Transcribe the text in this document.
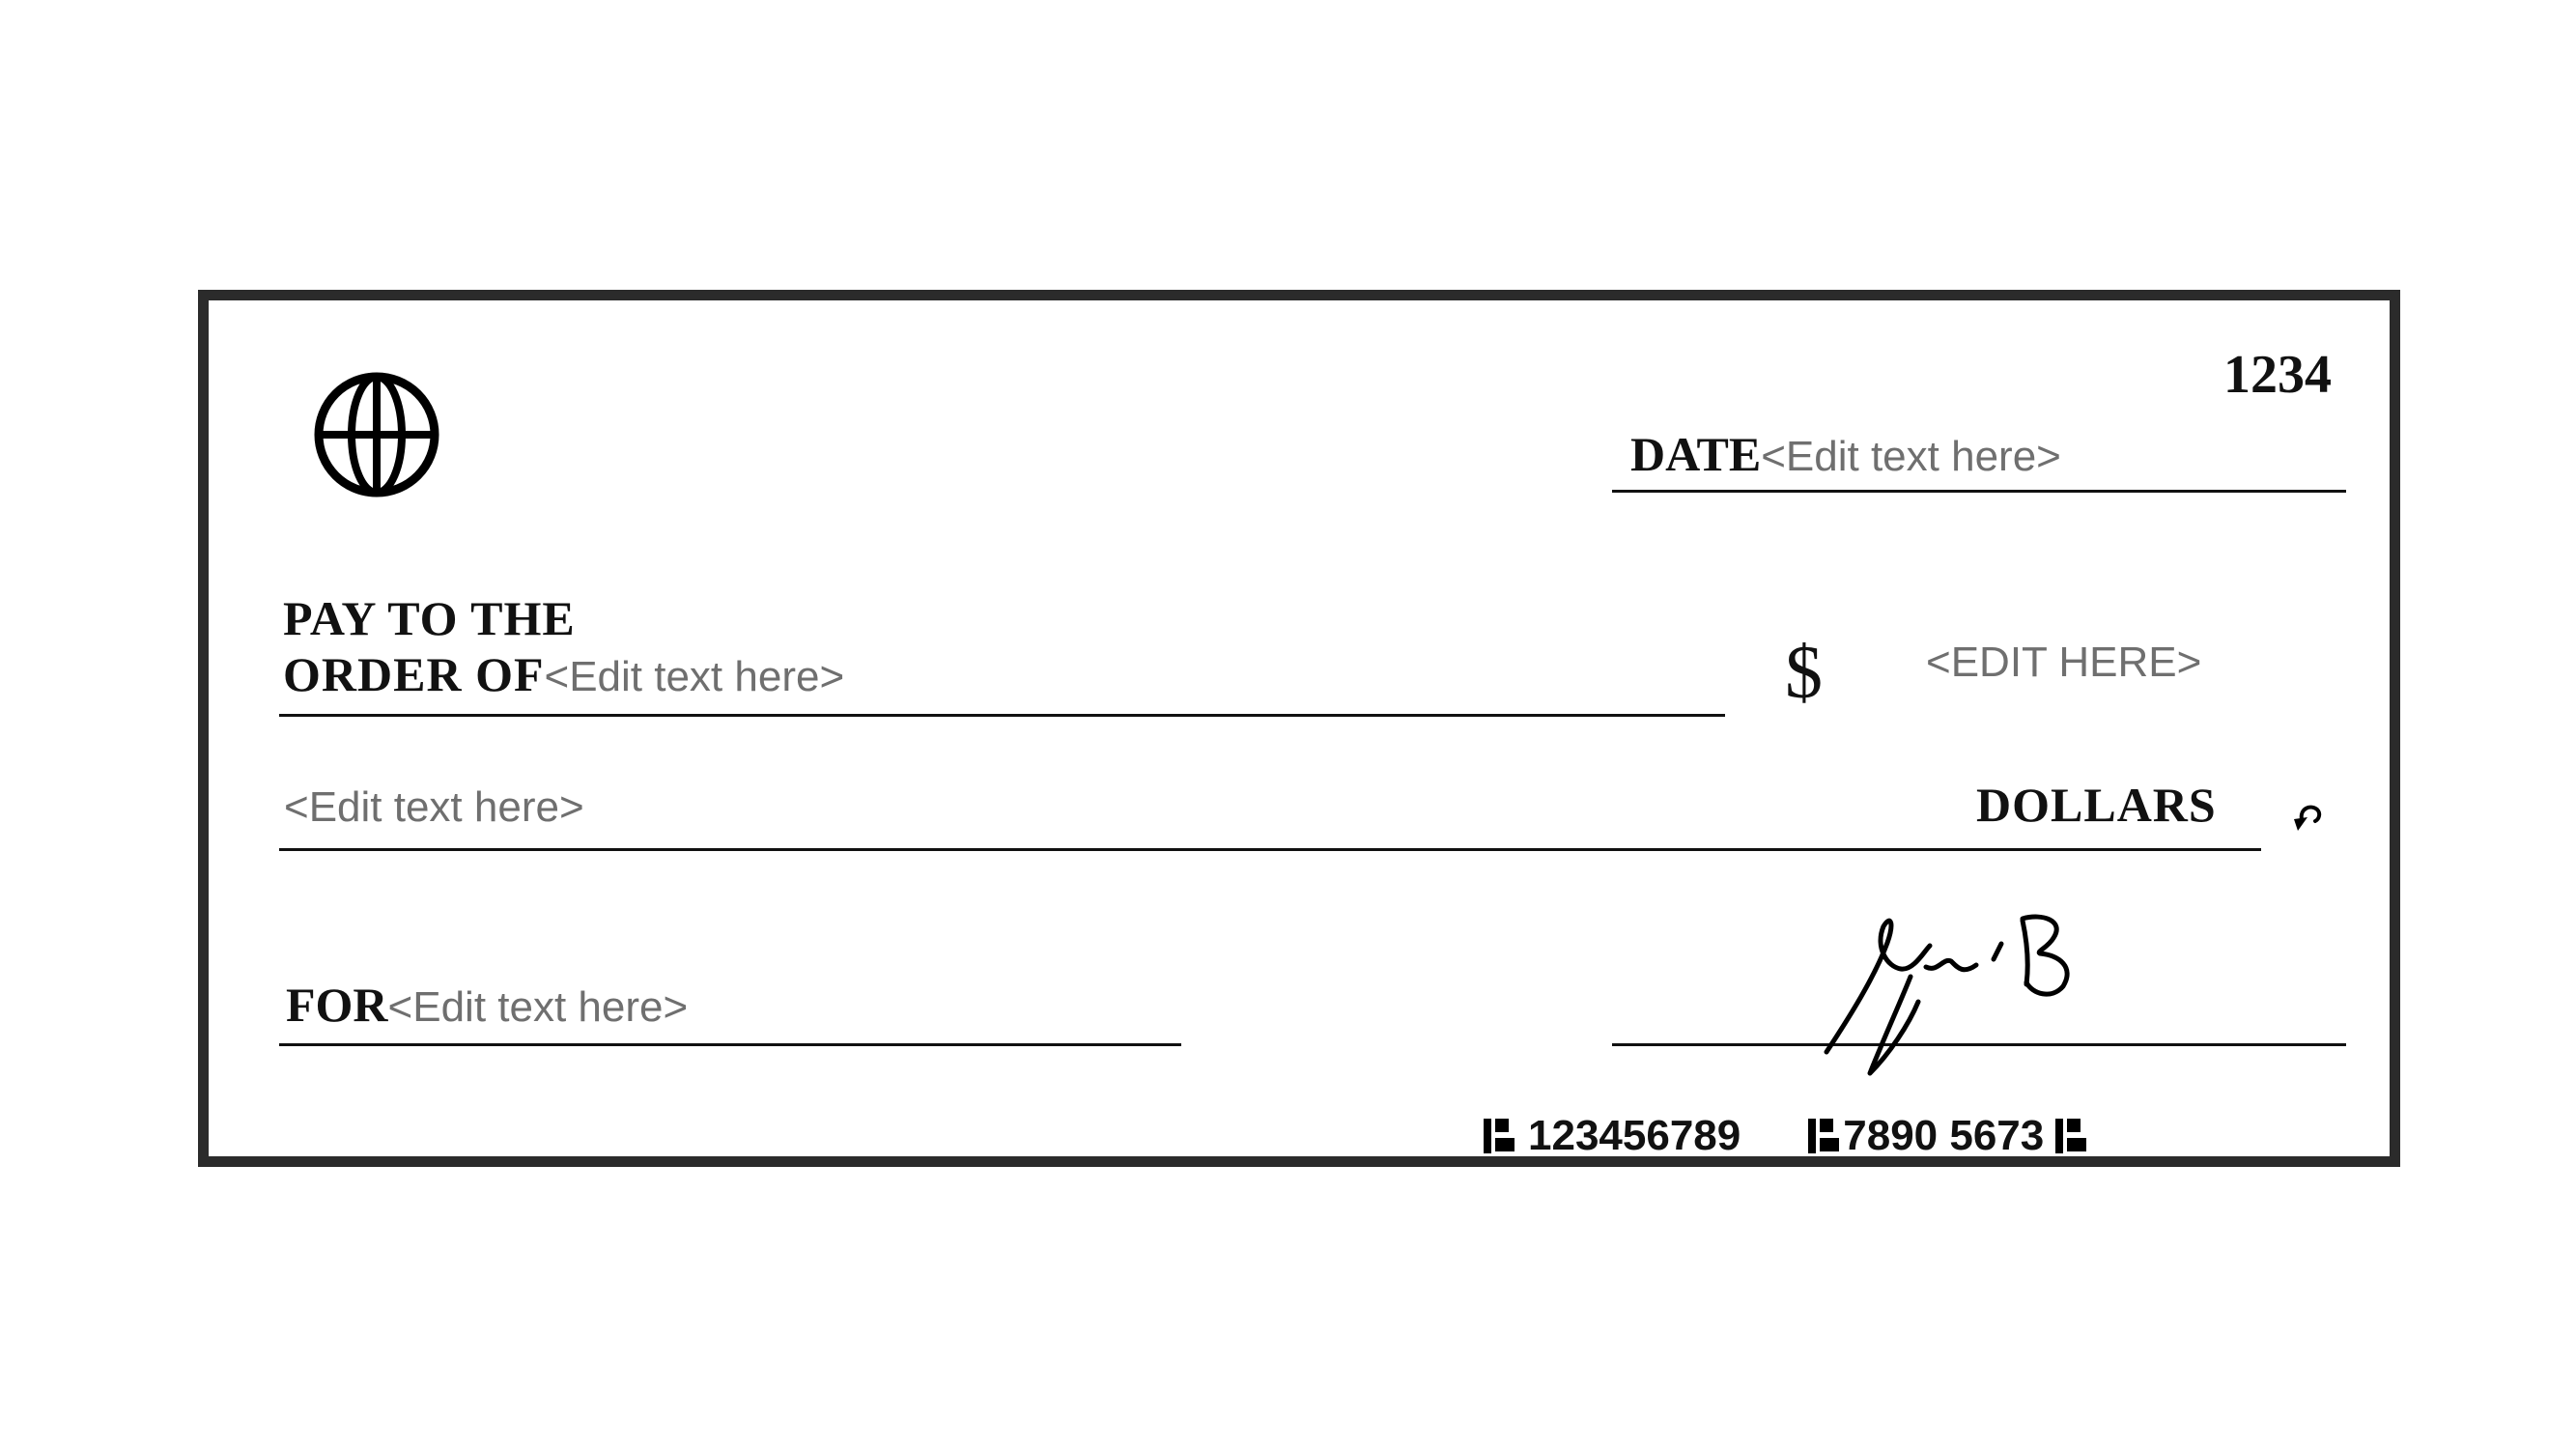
1234
DATE<Edit text here>
PAY TO THE
ORDER OF<Edit text here>	$ <EDIT HERE>
<Edit text here>	DOLLARS
FOR<Edit text here>
123456789 7890 5673
